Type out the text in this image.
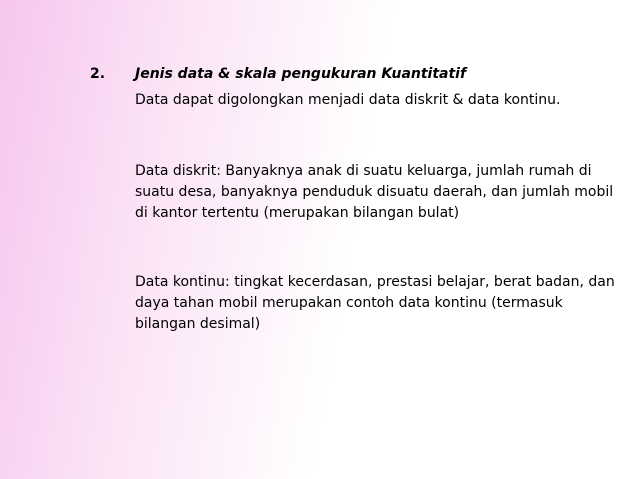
2. Jenis data & skala pengukuran Kuantitatif

Data dapat digolongkan menjadi data diskrit & data kontinu.

Data diskrit: Banyaknya anak di suatu keluarga, jumlah rumah di suatu desa, banyaknya penduduk disuatu daerah, dan jumlah mobil di kantor tertentu (merupakan bilangan bulat)

Data kontinu: tingkat kecerdasan, prestasi belajar, berat badan, dan daya tahan mobil merupakan contoh data kontinu (termasuk bilangan desimal)
